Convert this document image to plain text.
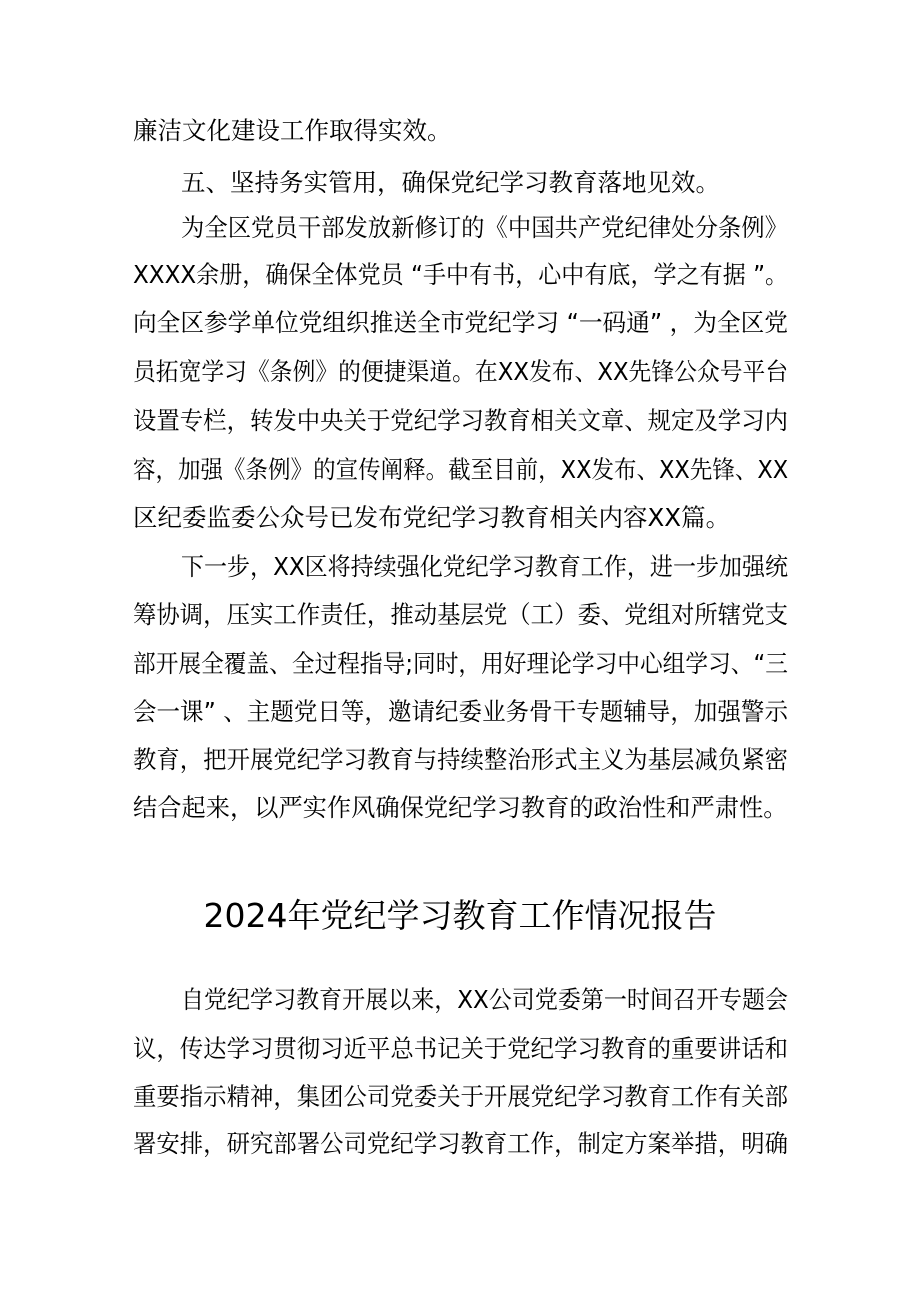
廉洁文化建设工作取得实效。
五、坚持务实管用，确保党纪学习教育落地见效。
为全区党员干部发放新修订的《中国共产党纪律处分条例》
XXXX余册，确保全体党员 “手中有书，心中有底，学之有据 ”。
向全区参学单位党组织推送全市党纪学习 “一码通” ，为全区党
员拓宽学习《条例》的便捷渠道。在XX发布、XX先锋公众号平台
设置专栏，转发中央关于党纪学习教育相关文章、规定及学习内
容，加强《条例》的宣传阐释。截至目前，XX发布、XX先锋、XX
区纪委监委公众号已发布党纪学习教育相关内容XX篇。
下一步，XX区将持续强化党纪学习教育工作，进一步加强统
筹协调，压实工作责任，推动基层党（工）委、党组对所辖党支
部开展全覆盖、全过程指导;同时，用好理论学习中心组学习、“三
会一课” 、主题党日等，邀请纪委业务骨干专题辅导，加强警示
教育，把开展党纪学习教育与持续整治形式主义为基层减负紧密
结合起来，以严实作风确保党纪学习教育的政治性和严肃性。
2024年党纪学习教育工作情况报告
自党纪学习教育开展以来，XX公司党委第一时间召开专题会
议，传达学习贯彻习近平总书记关于党纪学习教育的重要讲话和
重要指示精神，集团公司党委关于开展党纪学习教育工作有关部
署安排，研究部署公司党纪学习教育工作，制定方案举措，明确
